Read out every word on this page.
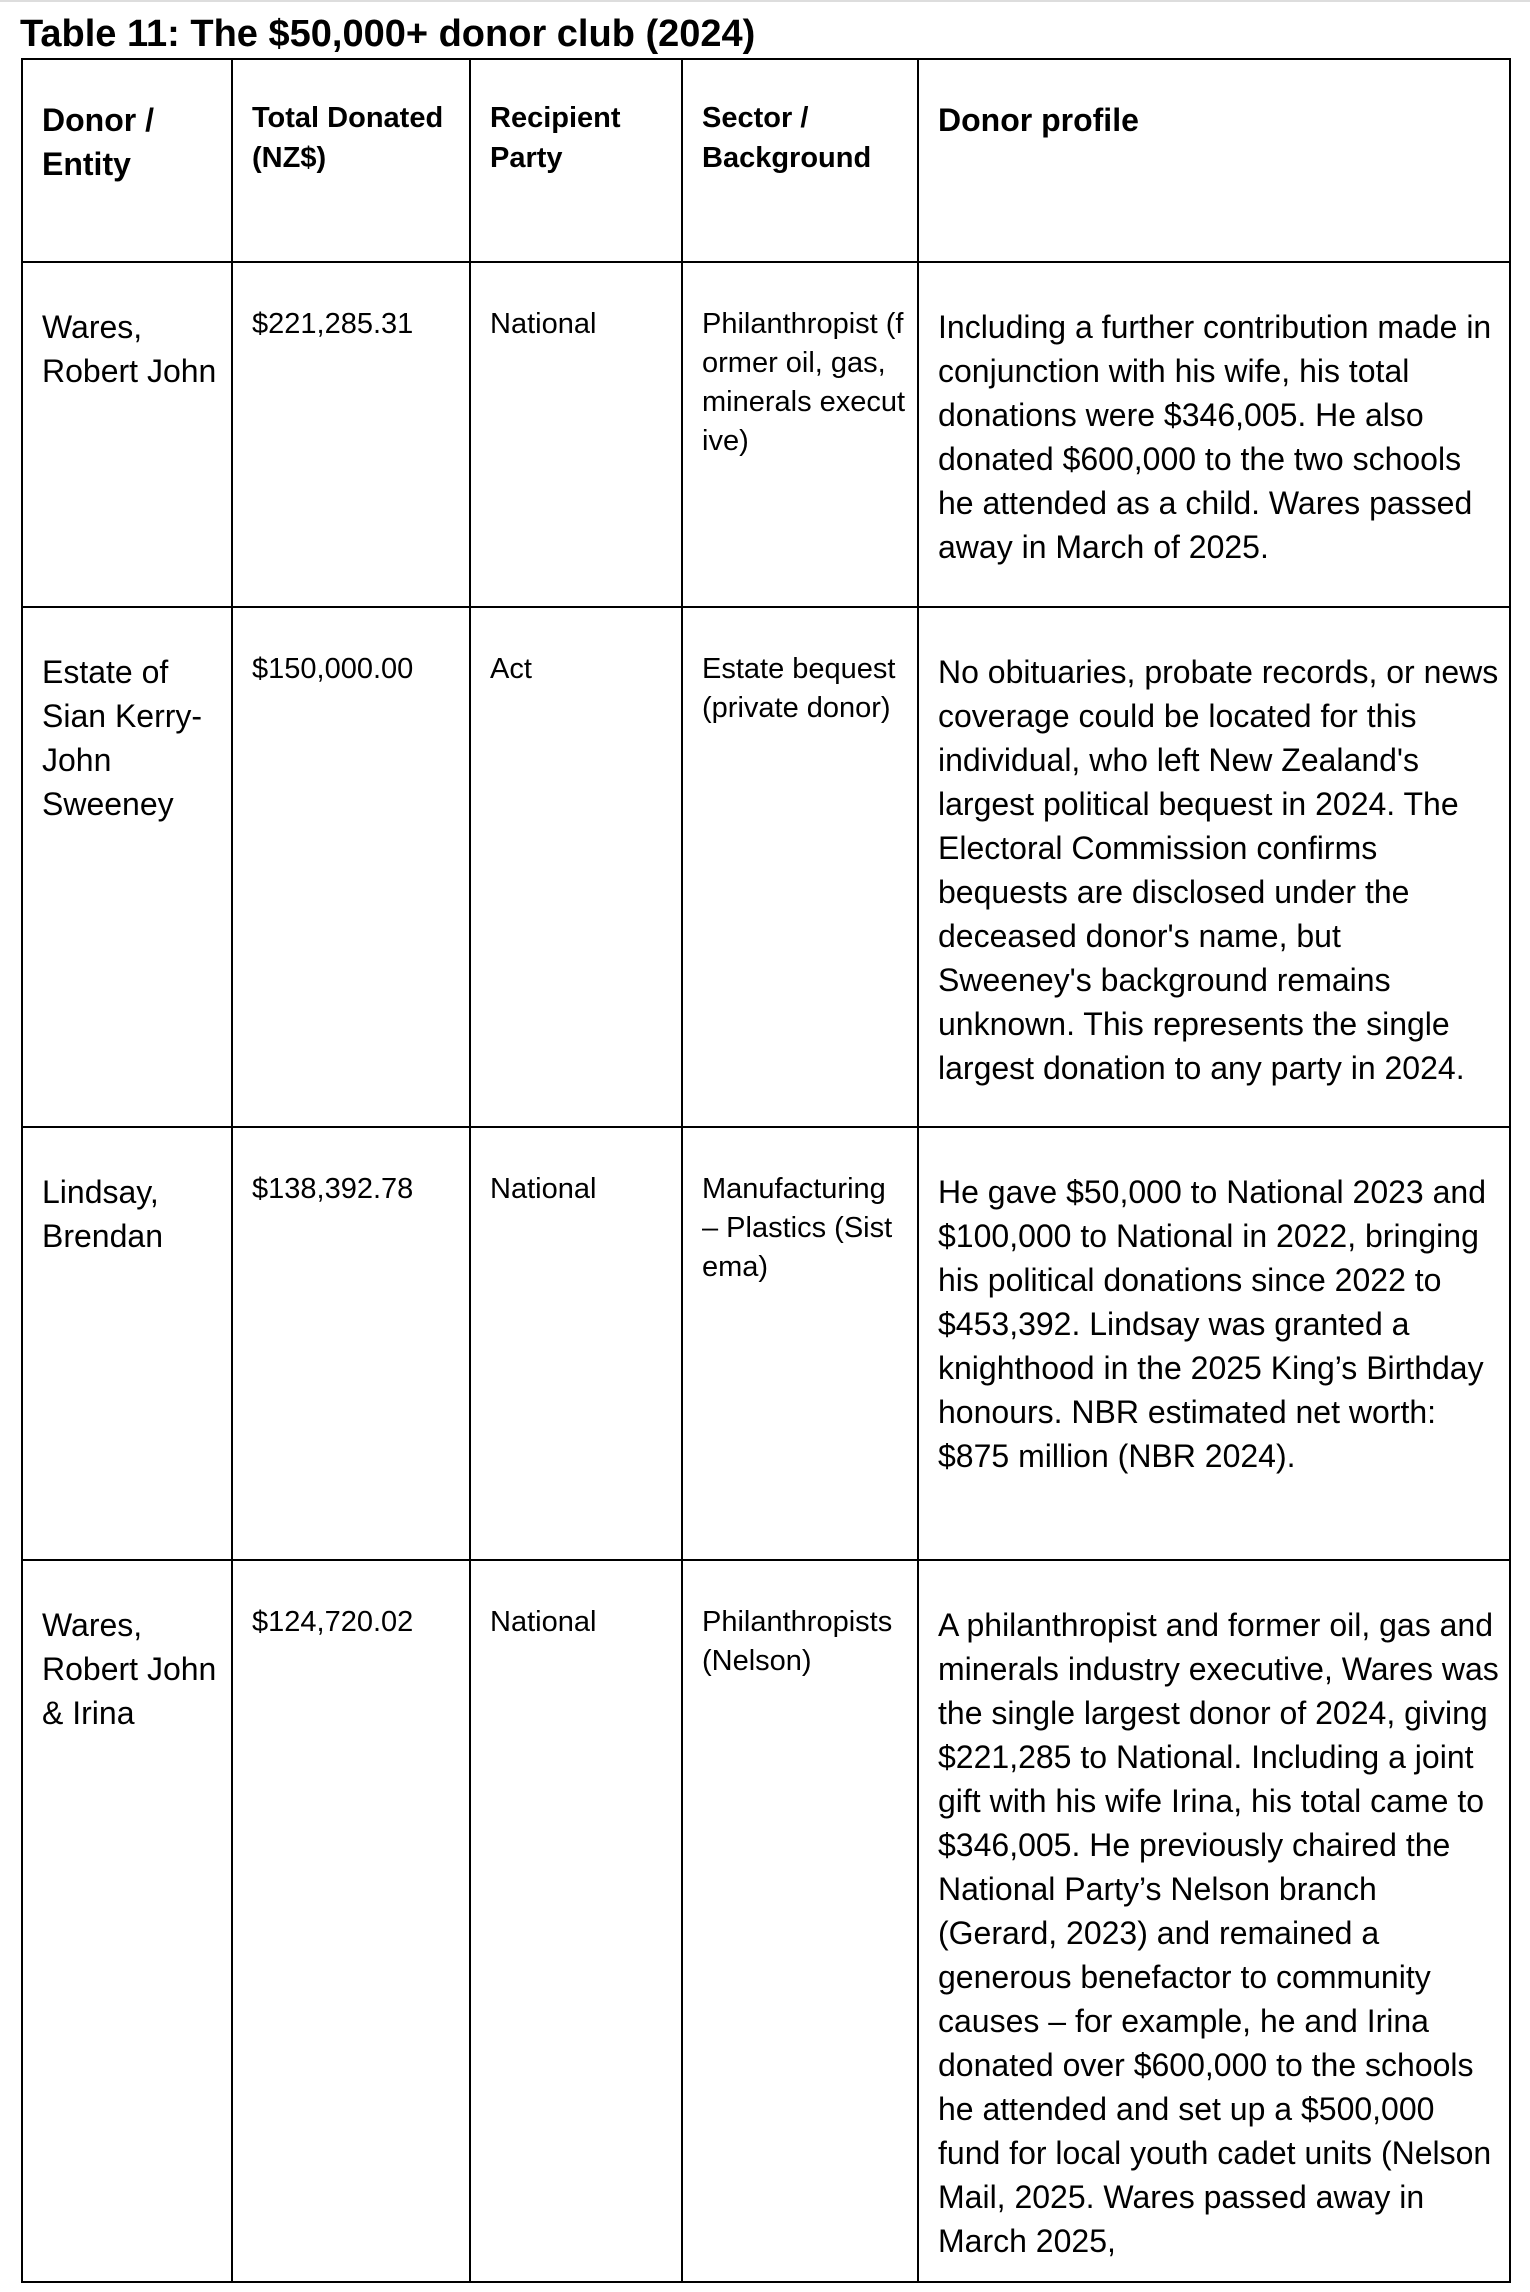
Table 11: The $50,000+ donor club (2024)
Donor / Entity	Total Donated (NZ$)	Recipient Party	Sector / Background	Donor profile
Wares, Robert John	$221,285.31	National	Philanthropist (former oil, gas, minerals executive)	Including a further contribution made in conjunction with his wife, his total donations were $346,005. He also donated $600,000 to the two schools he attended as a child. Wares passed away in March of 2025.
Estate of Sian Kerry-John Sweeney	$150,000.00	Act	Estate bequest (private donor)	No obituaries, probate records, or news coverage could be located for this individual, who left New Zealand's largest political bequest in 2024. The Electoral Commission confirms bequests are disclosed under the deceased donor's name, but Sweeney's background remains unknown. This represents the single largest donation to any party in 2024.
Lindsay, Brendan	$138,392.78	National	Manufacturing – Plastics (Sistema)	He gave $50,000 to National 2023 and $100,000 to National in 2022, bringing his political donations since 2022 to $453,392. Lindsay was granted a knighthood in the 2025 King’s Birthday honours. NBR estimated net worth: $875 million (NBR 2024).
Wares, Robert John & Irina	$124,720.02	National	Philanthropists (Nelson)	A philanthropist and former oil, gas and minerals industry executive, Wares was the single largest donor of 2024, giving $221,285 to National. Including a joint gift with his wife Irina, his total came to $346,005. He previously chaired the National Party’s Nelson branch (Gerard, 2023) and remained a generous benefactor to community causes – for example, he and Irina donated over $600,000 to the schools he attended and set up a $500,000 fund for local youth cadet units (Nelson Mail, 2025. Wares passed away in March 2025,
